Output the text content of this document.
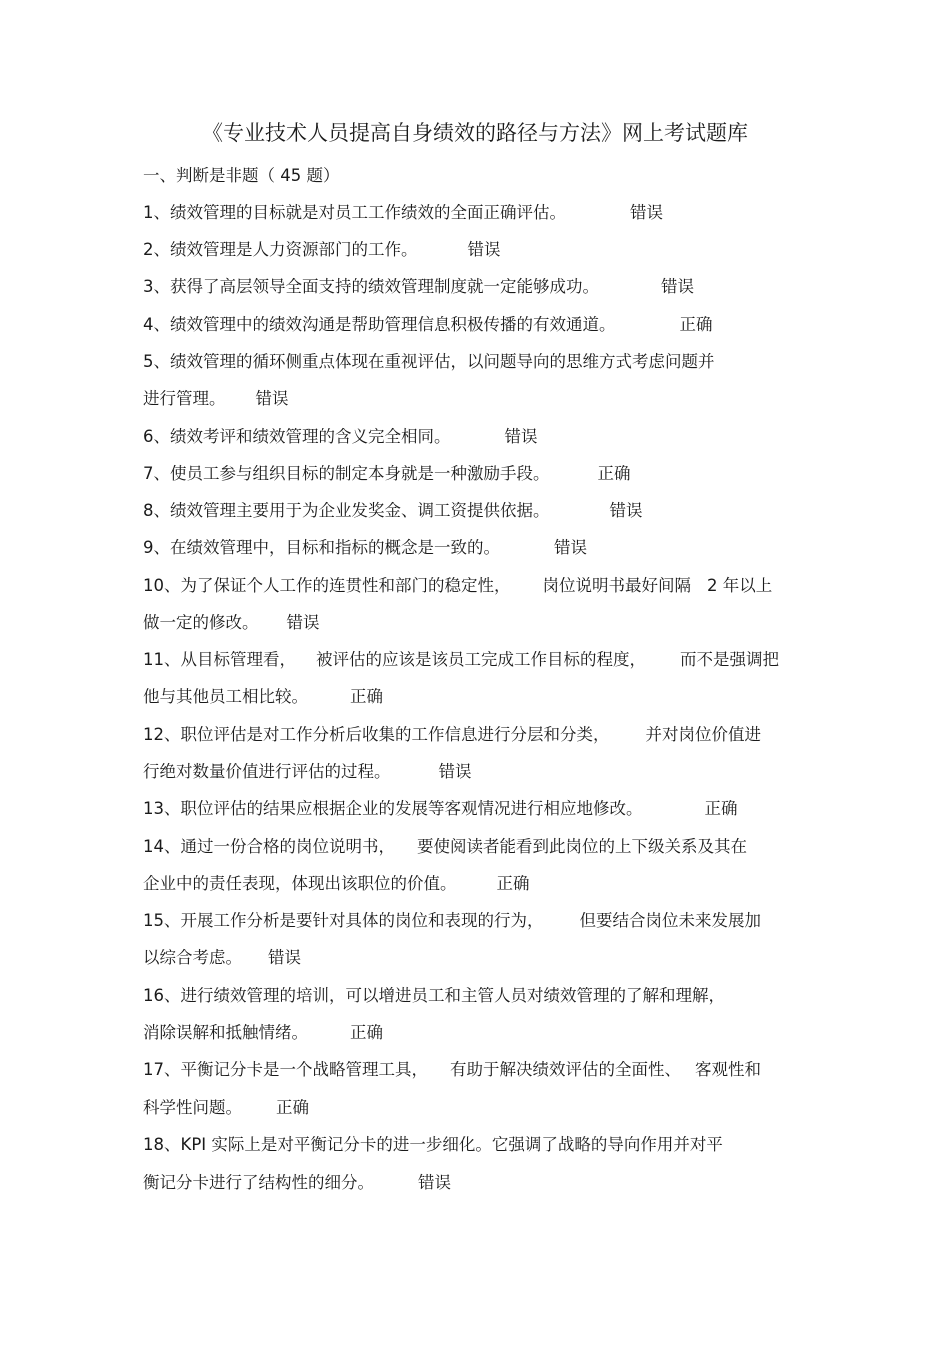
《专业技术人员提高自身绩效的路径与方法》网上考试题库
一、判断是非题（ 45 题）
1、绩效管理的目标就是对员工工作绩效的全面正确评估。	错误
2、绩效管理是人力资源部门的工作。	错误
3、获得了高层领导全面支持的绩效管理制度就一定能够成功。	错误
4、绩效管理中的绩效沟通是帮助管理信息积极传播的有效通道。	正确
5、绩效管理的循环侧重点体现在重视评估，以问题导向的思维方式考虑问题并
进行管理。 错误
6、绩效考评和绩效管理的含义完全相同。	错误
7、使员工参与组织目标的制定本身就是一种激励手段。	正确
8、绩效管理主要用于为企业发奖金、调工资提供依据。	错误
9、在绩效管理中，目标和指标的概念是一致的。	错误
10、为了保证个人工作的连贯性和部门的稳定性， 岗位说明书最好间隔 2 年以上
做一定的修改。 错误
11、从目标管理看， 被评估的应该是该员工完成工作目标的程度， 而不是强调把
他与其他员工相比较。	正确
12、职位评估是对工作分析后收集的工作信息进行分层和分类， 并对岗位价值进
行绝对数量价值进行评估的过程。	错误
13、职位评估的结果应根据企业的发展等客观情况进行相应地修改。	正确
14、通过一份合格的岗位说明书， 要使阅读者能看到此岗位的上下级关系及其在
企业中的责任表现，体现出该职位的价值。 正确
15、开展工作分析是要针对具体的岗位和表现的行为， 但要结合岗位未来发展加
以综合考虑。 错误
16、进行绩效管理的培训，可以增进员工和主管人员对绩效管理的了解和理解，
消除误解和抵触情绪。	正确
17、平衡记分卡是一个战略管理工具， 有助于解决绩效评估的全面性、 客观性和
科学性问题。 正确
18、KPI 实际上是对平衡记分卡的进一步细化。它强调了战略的导向作用并对平
衡记分卡进行了结构性的细分。	错误
